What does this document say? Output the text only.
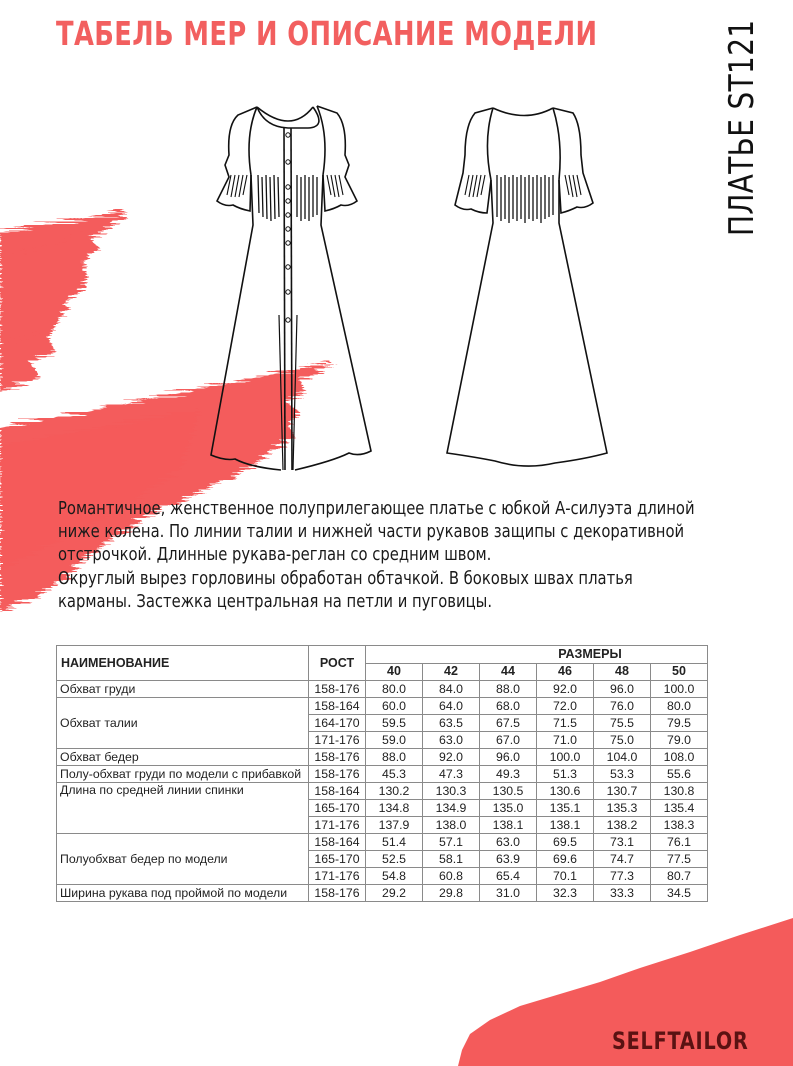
ТАБЕЛЬ МЕР И ОПИСАНИЕ МОДЕЛИ	ПЛАТЬЕ ST121

Романтичное, женственное полуприлегающее платье с юбкой А-силуэта длиной

ниже колена. По линии талии и нижней части рукавов защипы с декоративной

отстрочкой. Длинные рукава-реглан со средним швом.

Округлый вырез горловины обработан обтачкой. В боковых швах платья

карманы. Застежка центральная на петли и пуговицы.

НАИМЕНОВАНИЕ	РОСТ	РАЗМЕРЫ					
		40	42	44	46	48	50
Обхват груди	158-176	80.0	84.0	88.0	92.0	96.0	100.0
Обхват талии	158-164	60.0	64.0	68.0	72.0	76.0	80.0
	164-170	59.5	63.5	67.5	71.5	75.5	79.5
	171-176	59.0	63.0	67.0	71.0	75.0	79.0
Обхват бедер	158-176	88.0	92.0	96.0	100.0	104.0	108.0
Полу-обхват груди по модели с прибавкой	158-176	45.3	47.3	49.3	51.3	53.3	55.6
Длина по средней линии спинки	158-164	130.2	130.3	130.5	130.6	130.7	130.8
	165-170	134.8	134.9	135.0	135.1	135.3	135.4
	171-176	137.9	138.0	138.1	138.1	138.2	138.3
Полуобхват бедер по модели	158-164	51.4	57.1	63.0	69.5	73.1	76.1
	165-170	52.5	58.1	63.9	69.6	74.7	77.5
	171-176	54.8	60.8	65.4	70.1	77.3	80.7
Ширина рукава под проймой по модели	158-176	29.2	29.8	31.0	32.3	33.3	34.5
SELFTAILOR
